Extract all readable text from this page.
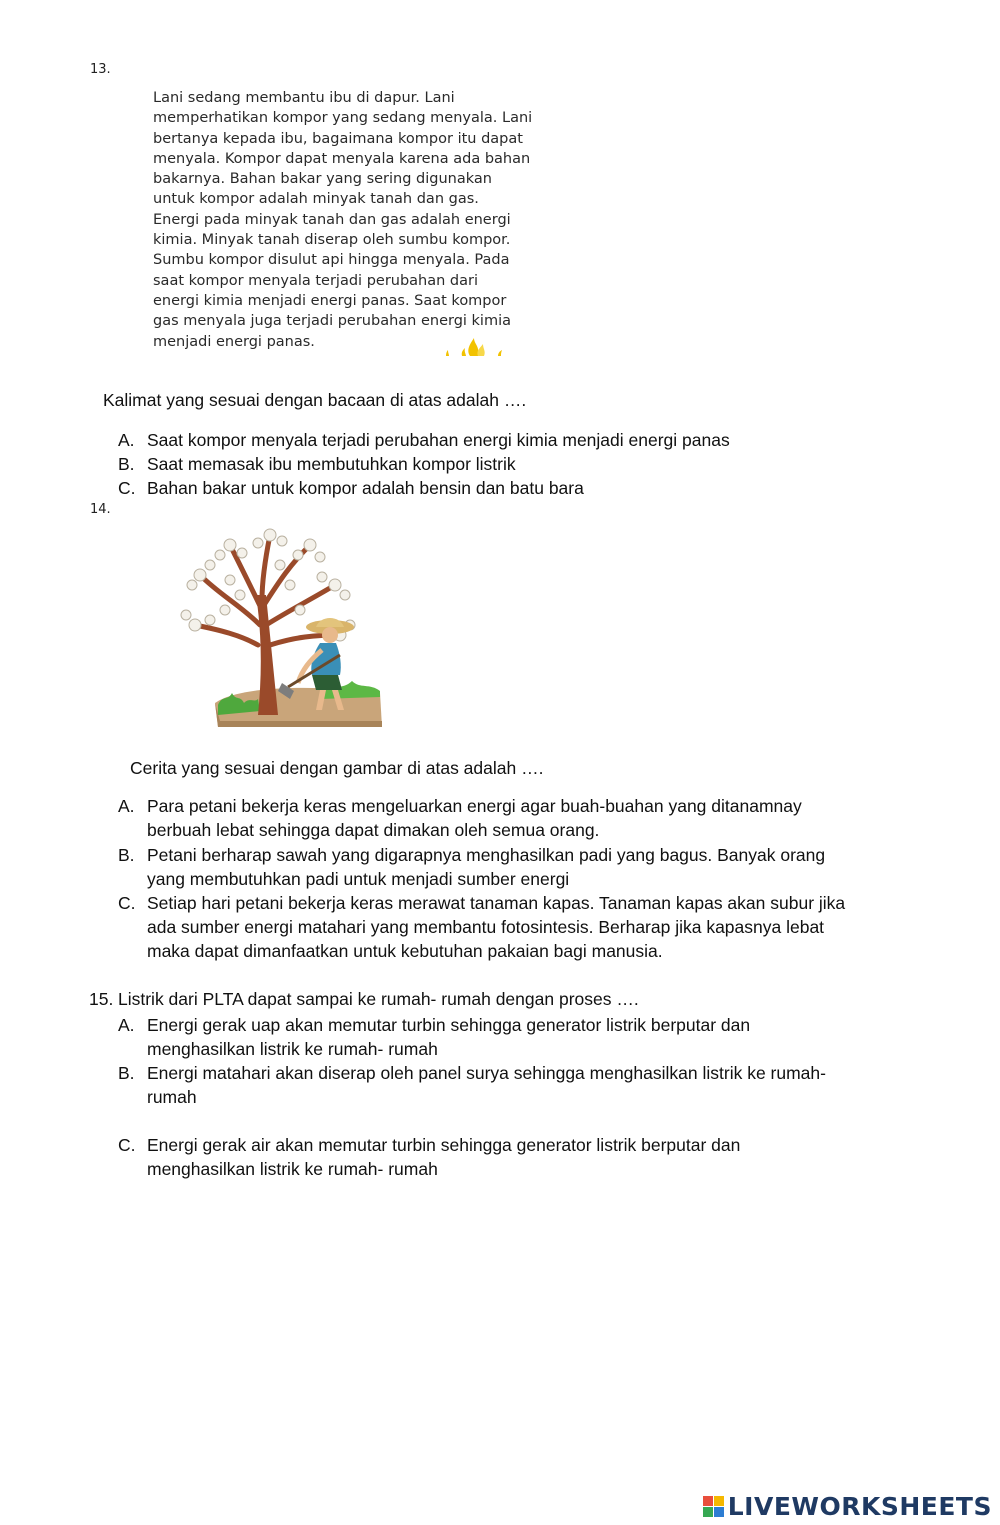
13.
Lani sedang membantu ibu di dapur. Lani
memperhatikan kompor yang sedang menyala. Lani
bertanya kepada ibu, bagaimana kompor itu dapat
menyala. Kompor dapat menyala karena ada bahan
bakarnya. Bahan bakar yang sering digunakan
untuk kompor adalah minyak tanah dan gas.
Energi pada minyak tanah dan gas adalah energi
kimia. Minyak tanah diserap oleh sumbu kompor.
Sumbu kompor disulut api hingga menyala. Pada
saat kompor menyala terjadi perubahan dari
energi kimia menjadi energi panas. Saat kompor
gas menyala juga terjadi perubahan energi kimia
menjadi energi panas.
Kalimat yang sesuai dengan bacaan di atas adalah ….
A. Saat kompor menyala terjadi perubahan energi kimia menjadi energi panas
B. Saat memasak ibu membutuhkan kompor listrik
C. Bahan bakar untuk kompor adalah bensin dan batu bara
14.
Cerita yang sesuai dengan gambar di atas adalah ….
A. Para petani bekerja keras mengeluarkan energi agar buah-buahan yang ditanamnay
berbuah lebat sehingga dapat dimakan oleh semua orang.
B. Petani berharap sawah yang digarapnya menghasilkan padi yang bagus. Banyak orang
yang membutuhkan padi untuk menjadi sumber energi
C. Setiap hari petani bekerja keras merawat tanaman kapas. Tanaman kapas akan subur jika
ada sumber energi matahari yang membantu fotosintesis. Berharap jika kapasnya lebat
maka dapat dimanfaatkan untuk kebutuhan pakaian bagi manusia.
15. Listrik dari PLTA dapat sampai ke rumah- rumah dengan proses ….
A. Energi gerak uap akan memutar turbin sehingga generator listrik berputar dan
menghasilkan listrik ke rumah- rumah
B. Energi matahari akan diserap oleh panel surya sehingga menghasilkan listrik ke rumah-
rumah
C. Energi gerak air akan memutar turbin sehingga generator listrik berputar dan
menghasilkan listrik ke rumah- rumah
LIVEWORKSHEETS
